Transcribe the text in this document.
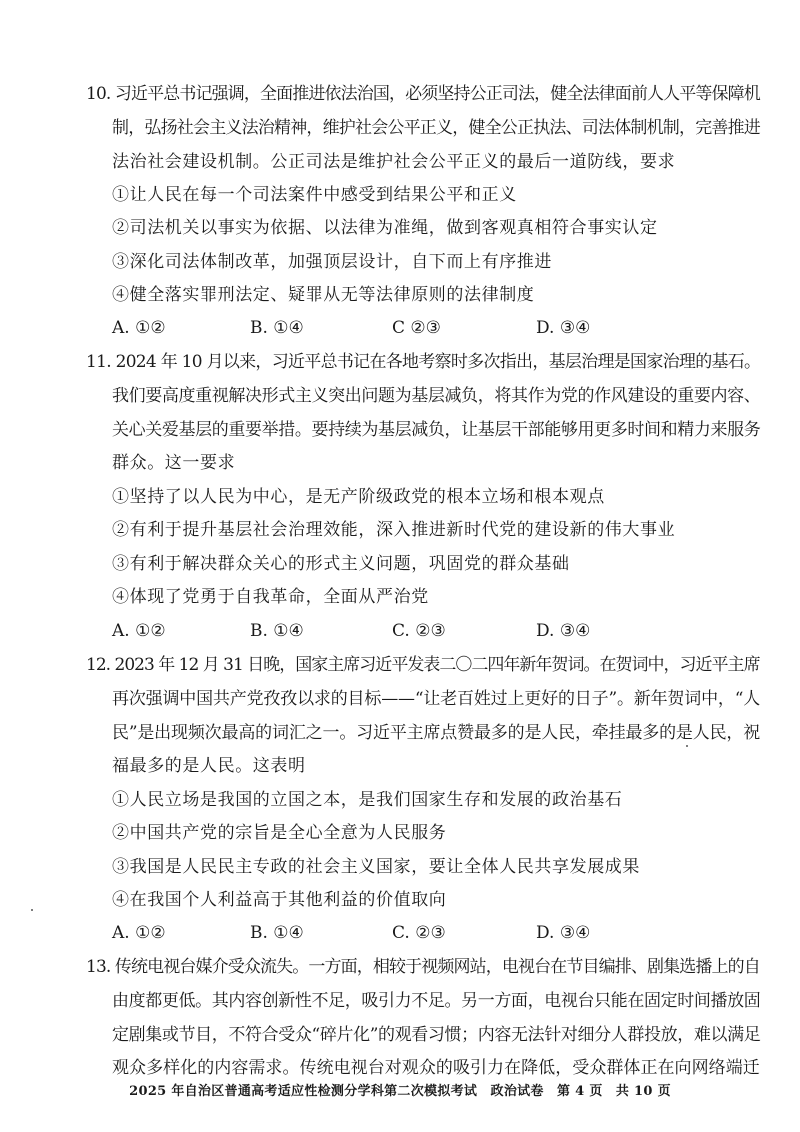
10. 习近平总书记强调，全面推进依法治国，必须坚持公正司法，健全法律面前人人平等保障机
制，弘扬社会主义法治精神，维护社会公平正义，健全公正执法、司法体制机制，完善推进
法治社会建设机制。公正司法是维护社会公平正义的最后一道防线，要求
①让人民在每一个司法案件中感受到结果公平和正义
②司法机关以事实为依据、以法律为准绳，做到客观真相符合事实认定
③深化司法体制改革，加强顶层设计，自下而上有序推进
④健全落实罪刑法定、疑罪从无等法律原则的法律制度
A. ①②	B. ①④	C ②③	D. ③④
11. 2024 年 10 月以来，习近平总书记在各地考察时多次指出，基层治理是国家治理的基石。
我们要高度重视解决形式主义突出问题为基层减负，将其作为党的作风建设的重要内容、
关心关爱基层的重要举措。要持续为基层减负，让基层干部能够用更多时间和精力来服务
群众。这一要求
①坚持了以人民为中心，是无产阶级政党的根本立场和根本观点
②有利于提升基层社会治理效能，深入推进新时代党的建设新的伟大事业
③有利于解决群众关心的形式主义问题，巩固党的群众基础
④体现了党勇于自我革命，全面从严治党
A. ①②	B. ①④	C. ②③	D. ③④
12. 2023 年 12 月 31 日晚，国家主席习近平发表二〇二四年新年贺词。在贺词中，习近平主席
再次强调中国共产党孜孜以求的目标——“让老百姓过上更好的日子”。新年贺词中，“人
民”是出现频次最高的词汇之一。习近平主席点赞最多的是人民，牵挂最多的是人民，祝
福最多的是人民。这表明
①人民立场是我国的立国之本，是我们国家生存和发展的政治基石
②中国共产党的宗旨是全心全意为人民服务
③我国是人民民主专政的社会主义国家，要让全体人民共享发展成果
④在我国个人利益高于其他利益的价值取向
A. ①②	B. ①④	C. ②③	D. ③④
13. 传统电视台媒介受众流失。一方面，相较于视频网站，电视台在节目编排、剧集选播上的自
由度都更低。其内容创新性不足，吸引力不足。另一方面，电视台只能在固定时间播放固
定剧集或节目，不符合受众“碎片化”的观看习惯；内容无法针对细分人群投放，难以满足
观众多样化的内容需求。传统电视台对观众的吸引力在降低，受众群体正在向网络端迁
2025 年自治区普通高考适应性检测分学科第二次模拟考试　政治试卷　第 4 页　共 10 页
